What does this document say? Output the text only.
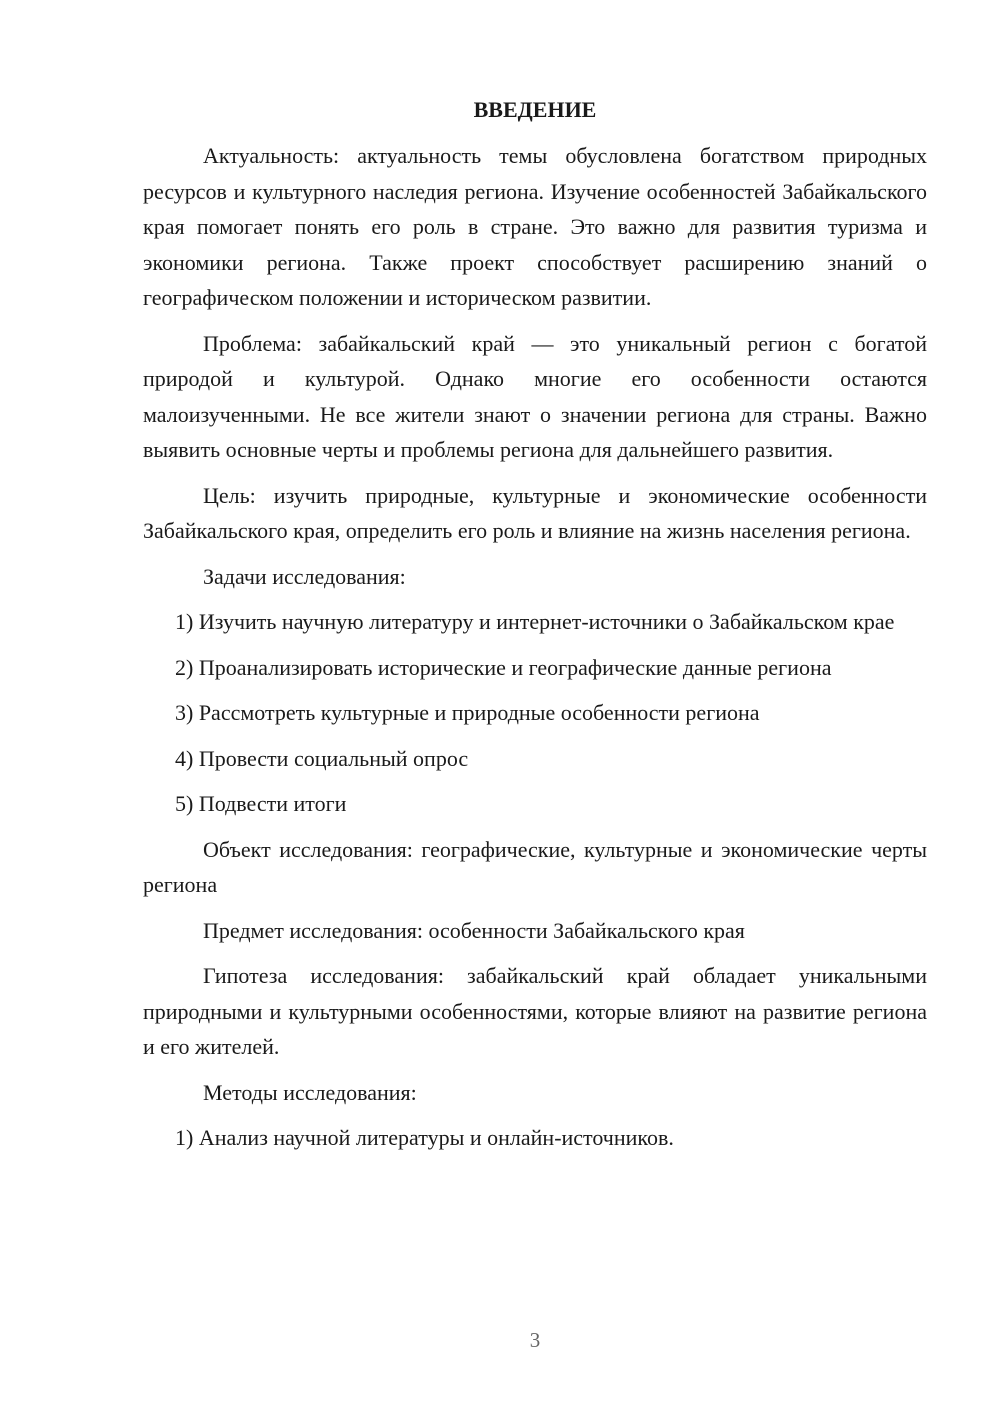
ВВЕДЕНИЕ
Актуальность: актуальность темы обусловлена богатством природных ресурсов и культурного наследия региона. Изучение особенностей Забайкальского края помогает понять его роль в стране. Это важно для развития туризма и экономики региона. Также проект способствует расширению знаний о географическом положении и историческом развитии.
Проблема: забайкальский край — это уникальный регион с богатой природой и культурой. Однако многие его особенности остаются малоизученными. Не все жители знают о значении региона для страны. Важно выявить основные черты и проблемы региона для дальнейшего развития.
Цель: изучить природные, культурные и экономические особенности Забайкальского края, определить его роль и влияние на жизнь населения региона.
Задачи исследования:
1) Изучить научную литературу и интернет-источники о Забайкальском крае
2) Проанализировать исторические и географические данные региона
3) Рассмотреть культурные и природные особенности региона
4) Провести социальный опрос
5) Подвести итоги
Объект исследования: географические, культурные и экономические черты региона
Предмет исследования: особенности Забайкальского края
Гипотеза исследования: забайкальский край обладает уникальными природными и культурными особенностями, которые влияют на развитие региона и его жителей.
Методы исследования:
1) Анализ научной литературы и онлайн-источников.
3
